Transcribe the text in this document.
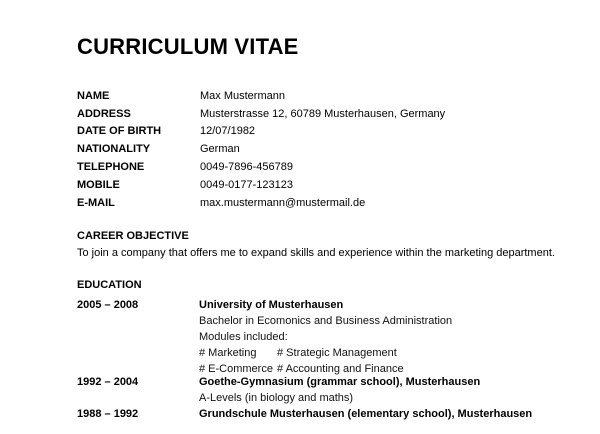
CURRICULUM VITAE
NAME	Max Mustermann
ADDRESS	Musterstrasse 12, 60789 Musterhausen, Germany
DATE OF BIRTH	12/07/1982
NATIONALITY	German
TELEPHONE	0049-7896-456789
MOBILE	0049-0177-123123
E-MAIL	max.mustermann@mustermail.de
CAREER OBJECTIVE
To join a company that offers me to expand skills and experience within the marketing department.
EDUCATION
2005 – 2008	University of Musterhausen
Bachelor in Ecomonics and Business Administration
Modules included:
# Marketing # Strategic Management
# E-Commerce # Accounting and Finance
1992 – 2004	Goethe-Gymnasium (grammar school), Musterhausen
A-Levels (in biology and maths)
1988 – 1992	Grundschule Musterhausen (elementary school), Musterhausen
